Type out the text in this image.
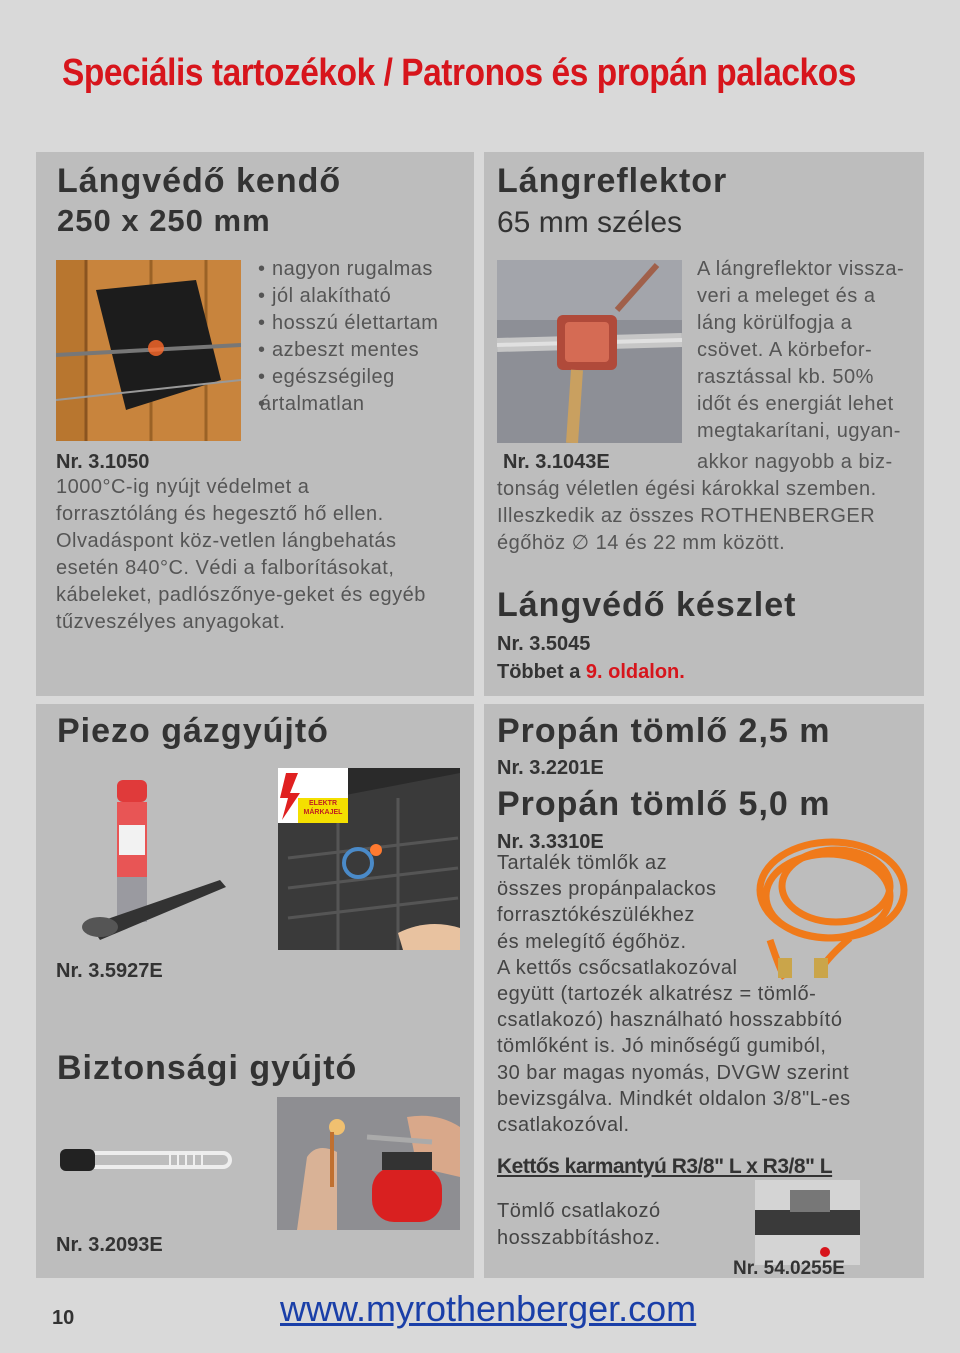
Speciális tartozékok / Patronos és propán palackos
Lángvédő kendő
250 x 250 mm
• nagyon rugalmas
• jól alakítható
• hosszú élettartam
• azbeszt mentes
• egészségileg
• ártalmatlan
Nr. 3.1050
1000°C-ig nyújt védelmet a
forrasztóláng és hegesztő hő ellen.
Olvadáspont köz-vetlen lángbehatás
esetén 840°C. Védi a falborításokat,
kábeleket, padlószőnye-geket és egyéb
tűzveszélyes anyagokat.
Lángreflektor
65 mm széles
A lángreflektor vissza-
veri a meleget és a
láng körülfogja a
csövet. A körbefor-
rasztással kb. 50%
időt és energiát lehet
megtakarítani, ugyan-
Nr. 3.1043E	akkor nagyobb a biz-
tonság véletlen égési károkkal szemben.
Illeszkedik az összes ROTHENBERGER
égőhöz ∅ 14 és 22 mm között.
Lángvédő készlet
Nr. 3.5045
Többet a 9. oldalon.
Piezo gázgyújtó
ELEKTR
MÁRKAJEL
Nr. 3.5927E
Biztonsági gyújtó
Nr. 3.2093E
Propán tömlő 2,5 m
Nr. 3.2201E
Propán tömlő 5,0 m
Nr. 3.3310E
Tartalék tömlők az
összes propánpalackos
forrasztókészülékhez
és melegítő égőhöz.
A kettős csőcsatlakozóval
együtt (tartozék alkatrész = tömlő-
csatlakozó) használható hosszabbító
tömlőként is. Jó minőségű gumiból,
30 bar magas nyomás, DVGW szerint
bevizsgálva. Mindkét oldalon 3/8"L-es
csatlakozóval.
Kettős karmantyú R3/8" L x R3/8" L
Tömlő csatlakozó
hosszabbításhoz.
Nr. 54.0255E
10	www.myrothenberger.com
